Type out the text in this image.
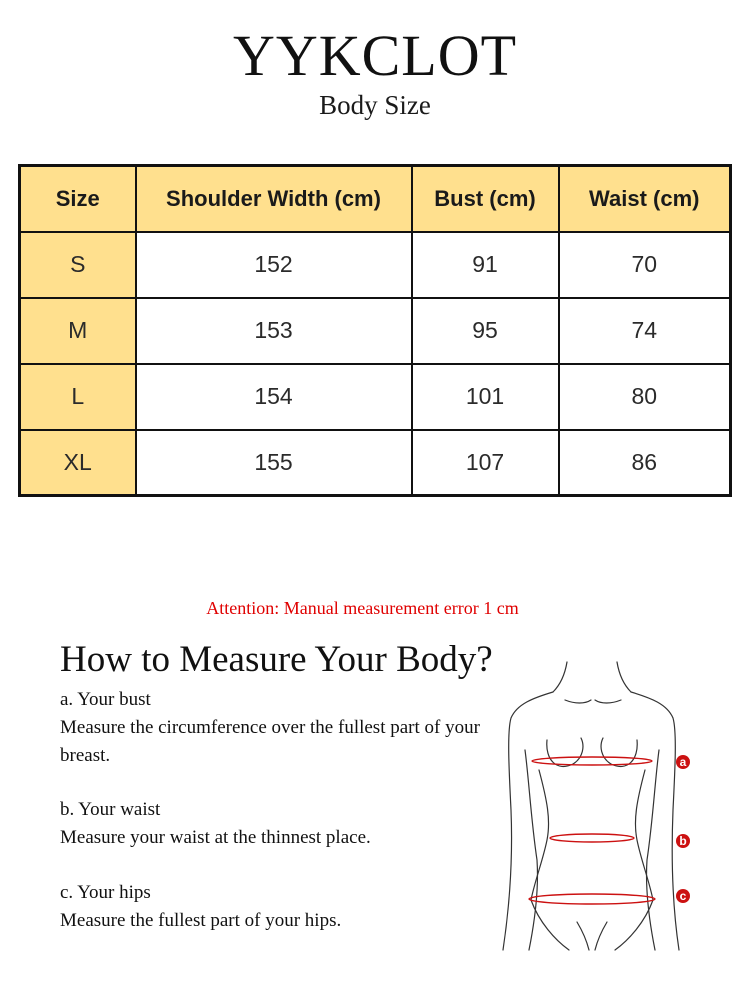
YYKCLOT
Body Size
Size	Shoulder Width (cm)	Bust (cm)	Waist (cm)
S	152	91	70
M	153	95	74
L	154	101	80
XL	155	107	86
Attention: Manual measurement error 1 cm
How to Measure Your Body?
a. Your bust
Measure the circumference over the fullest part of your breast.
b. Your waist
Measure your waist at the thinnest place.
c. Your hips
Measure the fullest part of your hips.
a
b
c
